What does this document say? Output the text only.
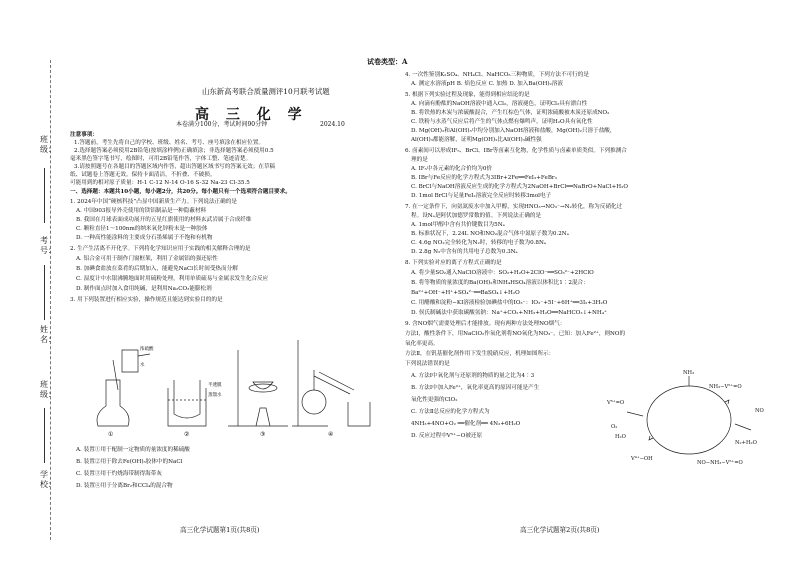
班级：
考号：
姓名：
班级：
学校：
山东新高考联合质量测评10月联考试题
高 三 化 学
本卷满分100分，考试时间90分钟	2024.10
注意事项：
1.答题前，考生先将自己的学校、班级、姓名、考号、座号填涂在相应位置。
2.选择题答案必须使用2B铅笔(按填涂样例)正确填涂；非选择题答案必须使用0.5
毫米黑色签字笔书写，绘图时，可用2B铅笔作答，字体工整、笔迹清楚。
3.请按照题号在各题目的答题区域内作答，超出答题区域书写的答案无效；在草稿
纸、试题卷上答题无效。保持卡面清洁，不折叠、不破损。
可能用到的相对原子质量：H-1 C-12 N-14 O-16 S-32 Na-23 Cl-35.5
一、选择题：本题共10小题，每小题2分，共20分。每小题只有一个选项符合题目要求。
1. 2024年中国“硬核科技”凸显中国新质生产力。下列说法正确的是
A. 中国903报导外壳使用的镁铝制品是一种隐蔽材料
B. 我国在月球表面成功展开的五星红旗使用的材料玄武岩属于合成纤维
C. 颗粒直径1～100nm的纳米氧化锌粉末是一种胶体
D. 一种高性能涂料的主要成分石墨烯属于不饱和有机物
2. 生产生活离不开化学。下列将化学知识应用于实践的相关解释合理的是
A. 铝合金可用于制作门窗框架，利用了金属铝的强还原性
B. 加碘食盐放在菜肴的后期加入，能避免NaCl长时间受热而分解
C. 湿度计中水银沸腾地面时用硫粉处理，利用单质硫易与金属汞发生化合反应
D. 制作面点时加入食用纯碱，是利用Na₂CO₃能膨松剂
3. 用下列装置进行相应实验，操作规范且能达到实验目的的是
①	②	③	④
浓硫酸
水
半透膜
蒸馏水
A. 装置①用于配制一定物质的量浓度的稀硫酸
B. 装置②用于除去Fe(OH)₃胶体中的NaCl
C. 装置③用于灼烧海带制得海带灰
D. 装置④用于分离Br₂和CCl₄的混合物
高三化学试题第1页(共8页)
试卷类型：A
4. 一次性鉴别K₂SO₄、NH₄Cl、NaHCO₃三种物质，下列方法不可行的是
A. 测定水溶液pH B. 焰色反应 C. 加热 D. 加入Ba(OH)₂溶液
5. 根据下列实验过程及现象，能得到相应结论的是
A. 向滴有酚酞的NaOH溶液中通入Cl₂，溶液褪色，证明Cl₂具有漂白性
B. 将铁热的木炭与浓硫酸混合，产生红棕色气体，证明浓硫酸被木炭还原成NO₂
C. 铁粉与水蒸气反应后将产生的气体点燃有爆鸣声，证明H₂O具有氧化性
D. Mg(OH)₂和Al(OH)₃中均分别加入NaOH溶液和盐酸，Mg(OH)₂只溶于盐酸，
Al(OH)₃都能溶解，证明Mg(OH)₂比Al(OH)₃碱性强
6. 卤素间可以形成IF₅、BrCl、IBr等卤素互化物，化学性质与卤素单质类似。下列推测合
理的是
A. IF₅中各元素的化合价均为0价
B. IBr与Fe反应的化学方程式为3IBr+2Fe══FeI₃+FeBr₃
C. BrCl与NaOH溶液反应生成的化学方程式为2NaOH+BrCl══NaBrO+NaCl+H₂O
D. 1mol BrCl与足量FeI₂溶液完全反应时转移3mol电子
7. 在一定条件下，向氨氮废水中加入甲醇，实现HNO₃→NO₃⁻→N₂转化，称为反硝化过
程。设Nₐ是阿伏加德罗常数的值。下列说法正确的是
A. 1mol甲醇中含有共价键数目为5Nₐ
B. 标准状况下，2.24L NO和NO₂混合气体中氮原子数为0.2Nₐ
C. 4.6g NO₂完全转化为N₂时，转移的电子数为0.8Nₐ
D. 2.8g N₂中含有的共用电子总数为0.3Nₐ
8. 下列实验对应的离子方程式正确的是
A. 将少量SO₂通入NaClO溶液中：SO₂+H₂O+2ClO⁻══SO₃²⁻+2HClO
B. 将等物质的量浓度的Ba(OH)₂和NH₄HSO₄溶液以体积比1∶2混合：
Ba²⁺+OH⁻+H⁺+SO₄²⁻══BaSO₄↓+H₂O
C. 用醋酸和淀粉−KI溶液检验加碘盐中的IO₃⁻：IO₃⁻+5I⁻+6H⁺══3I₂+3H₂O
D. 侯氏制碱法中获取碳酸氢钠：Na⁺+CO₂+NH₃+H₂O══NaHCO₃↓+NH₄⁺
9. 含NO烟气需要处理后才能排放。现有两种方法处理NO烟气：
方法Ⅰ，酸性条件下，用NaClO₂作氧化剂将NO氧化为NO₃⁻，已知：加入Fe²⁺，则NO的
氧化率更高。
方法Ⅱ，在钒基催化剂作用下发生脱硝反应，机理如图所示：
下列说法错误的是
A. 方法Ⅰ中氧化剂与还原剂的物质的量之比为4∶3
B. 方法Ⅰ中加入Fe²⁺，氧化率更高的原因可能是产生
氧化性更强的ClO₂
C. 方法Ⅱ总反应的化学方程式为
4NH₃+4NO+O₂ ══催化剂══ 4N₂+6H₂O
D. 反应过程中V⁵⁺−O被还原
NH₃
NH₃−V⁵⁺=O
V⁵⁺=O
V⁴⁺−OH
NO
N₂+H₂O
O₂
H₂O
NO−NH₃−V⁵⁺=O
高三化学试题第2页(共8页)
